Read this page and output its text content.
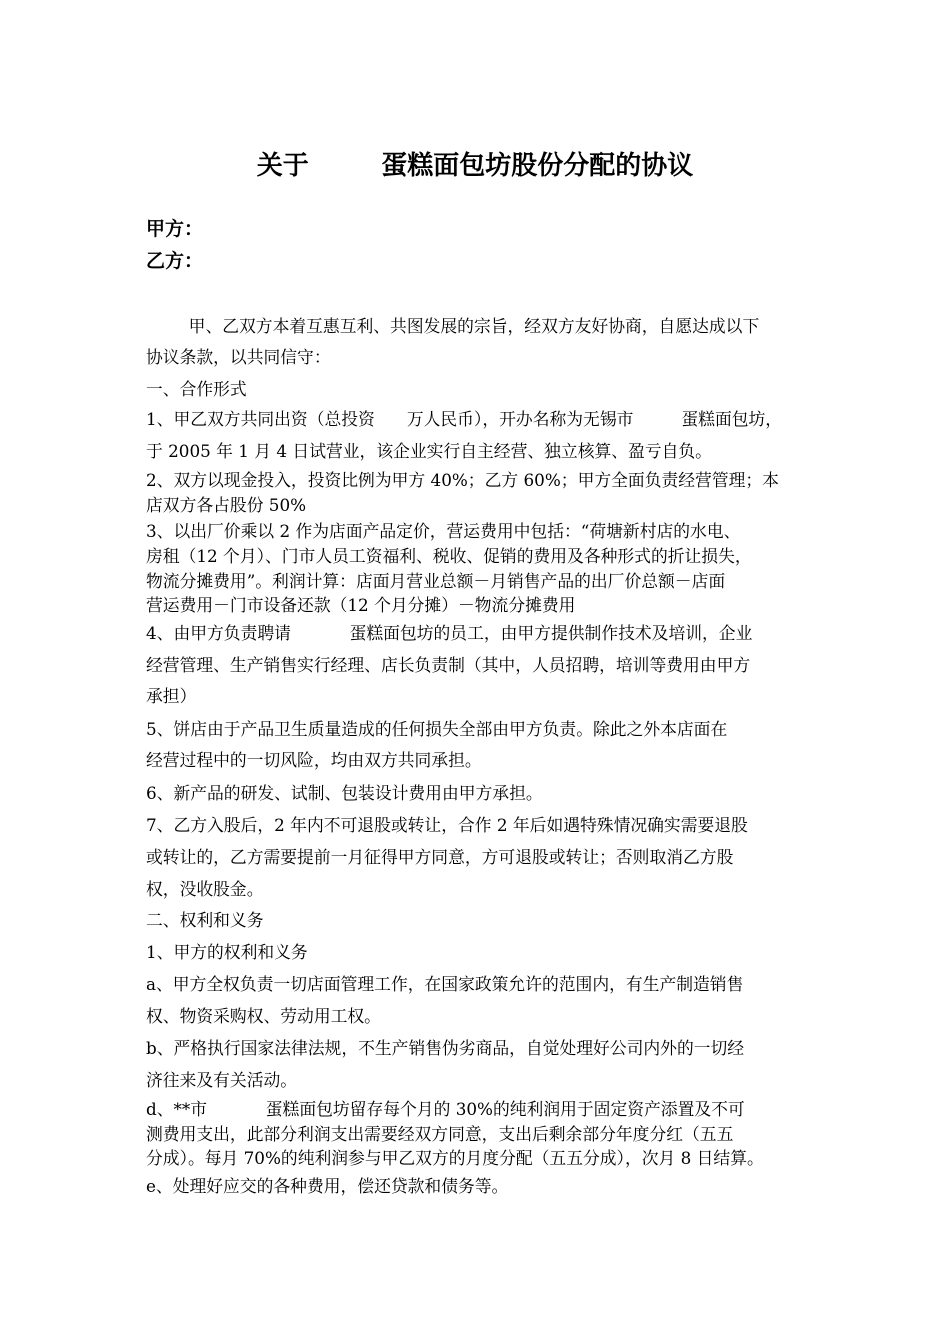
关于        蛋糕面包坊股份分配的协议
甲方：
乙方：
甲、乙双方本着互惠互利、共图发展的宗旨，经双方友好协商，自愿达成以下
协议条款，以共同信守：
一、合作形式
1、甲乙双方共同出资（总投资      万人民币），开办名称为无锡市         蛋糕面包坊，
于 2005 年 1 月 4 日试营业，该企业实行自主经营、独立核算、盈亏自负。
2、双方以现金投入，投资比例为甲方 40%；乙方 60%；甲方全面负责经营管理；本
店双方各占股份 50%
3、以出厂价乘以 2 作为店面产品定价，营运费用中包括：“荷塘新村店的水电、
房租（12 个月）、门市人员工资福利、税收、促销的费用及各种形式的折让损失，
物流分摊费用”。利润计算：店面月营业总额－月销售产品的出厂价总额－店面
营运费用－门市设备还款（12 个月分摊）－物流分摊费用
4、由甲方负责聘请           蛋糕面包坊的员工，由甲方提供制作技术及培训，企业
经营管理、生产销售实行经理、店长负责制（其中，人员招聘，培训等费用由甲方
承担）
5、饼店由于产品卫生质量造成的任何损失全部由甲方负责。除此之外本店面在
经营过程中的一切风险，均由双方共同承担。
6、新产品的研发、试制、包装设计费用由甲方承担。
7、乙方入股后，2 年内不可退股或转让，合作 2 年后如遇特殊情况确实需要退股
或转让的，乙方需要提前一月征得甲方同意，方可退股或转让；否则取消乙方股
权，没收股金。
二、权利和义务
1、甲方的权利和义务
a、甲方全权负责一切店面管理工作，在国家政策允许的范围内，有生产制造销售
权、物资采购权、劳动用工权。
b、严格执行国家法律法规，不生产销售伪劣商品，自觉处理好公司内外的一切经
济往来及有关活动。
d、**市           蛋糕面包坊留存每个月的 30%的纯利润用于固定资产添置及不可
测费用支出，此部分利润支出需要经双方同意，支出后剩余部分年度分红（五五
分成）。每月 70%的纯利润参与甲乙双方的月度分配（五五分成），次月 8 日结算。
e、处理好应交的各种费用，偿还贷款和债务等。
